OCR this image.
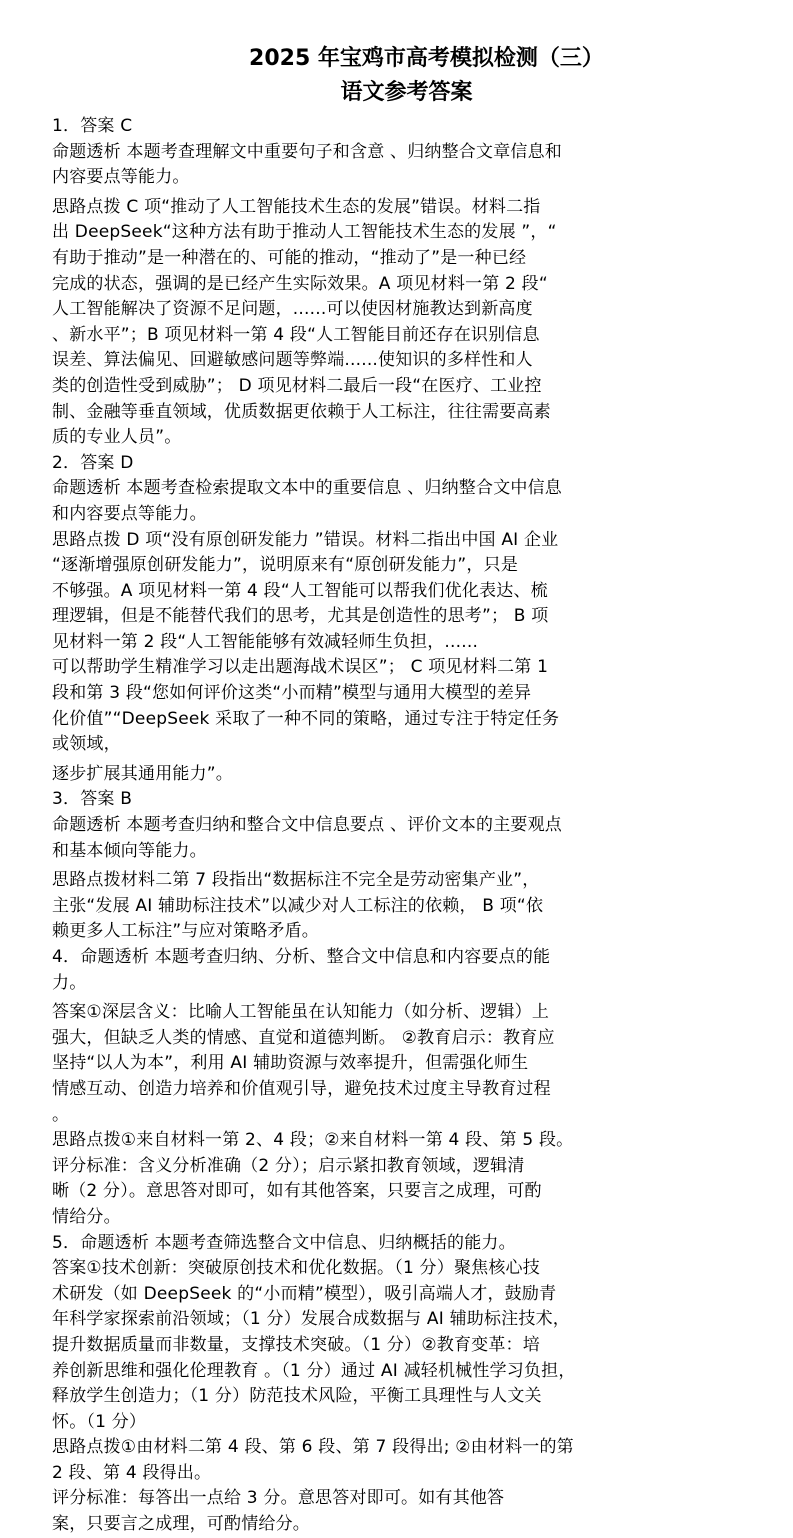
2025 年宝鸡市高考模拟检测（三）
语文参考答案
1．答案 C
命题透析 本题考查理解文中重要句子和含意 、归纳整合文章信息和
内容要点等能力。
思路点拨 C 项“推动了人工智能技术生态的发展”错误。材料二指
出 DeepSeek“这种方法有助于推动人工智能技术生态的发展 ”，“
有助于推动”是一种潜在的、可能的推动，“推动了”是一种已经
完成的状态，强调的是已经产生实际效果。A 项见材料一第 2 段“
人工智能解决了资源不足问题，......可以使因材施教达到新高度
、新水平”；B 项见材料一第 4 段“人工智能目前还存在识别信息
误差、算法偏见、回避敏感问题等弊端......使知识的多样性和人
类的创造性受到威胁”； D 项见材料二最后一段“在医疗、工业控
制、金融等垂直领域，优质数据更依赖于人工标注，往往需要高素
质的专业人员”。
2．答案 D
命题透析 本题考查检索提取文本中的重要信息 、归纳整合文中信息
和内容要点等能力。
思路点拨 D 项“没有原创研发能力 ”错误。材料二指出中国 AI 企业
“逐渐增强原创研发能力”，说明原来有“原创研发能力”，只是
不够强。A 项见材料一第 4 段“人工智能可以帮我们优化表达、梳
理逻辑，但是不能替代我们的思考，尤其是创造性的思考”； B 项
见材料一第 2 段“人工智能能够有效减轻师生负担，......
可以帮助学生精准学习以走出题海战术误区”； C 项见材料二第 1
段和第 3 段“您如何评价这类“小而精”模型与通用大模型的差异
化价值”“DeepSeek 采取了一种不同的策略，通过专注于特定任务
或领域，
逐步扩展其通用能力”。
3．答案 B
命题透析 本题考查归纳和整合文中信息要点 、评价文本的主要观点
和基本倾向等能力。
思路点拨材料二第 7 段指出“数据标注不完全是劳动密集产业”，
主张“发展 AI 辅助标注技术”以减少对人工标注的依赖， B 项“依
赖更多人工标注”与应对策略矛盾。
4．命题透析 本题考查归纳、分析、整合文中信息和内容要点的能
力。
答案①深层含义：比喻人工智能虽在认知能力（如分析、逻辑）上
强大，但缺乏人类的情感、直觉和道德判断。 ②教育启示：教育应
坚持“以人为本”，利用 AI 辅助资源与效率提升，但需强化师生
情感互动、创造力培养和价值观引导，避免技术过度主导教育过程
。
思路点拨①来自材料一第 2、4 段；②来自材料一第 4 段、第 5 段。
评分标准：含义分析准确（2 分）；启示紧扣教育领域，逻辑清
晰（2 分）。意思答对即可，如有其他答案，只要言之成理，可酌
情给分。
5．命题透析 本题考查筛选整合文中信息、归纳概括的能力。
答案①技术创新：突破原创技术和优化数据。（1 分）聚焦核心技
术研发（如 DeepSeek 的“小而精”模型），吸引高端人才，鼓励青
年科学家探索前沿领域；（1 分）发展合成数据与 AI 辅助标注技术，
提升数据质量而非数量，支撑技术突破。（1 分）②教育变革：培
养创新思维和强化伦理教育 。（1 分）通过 AI 减轻机械性学习负担，
释放学生创造力；（1 分）防范技术风险，平衡工具理性与人文关
怀。（1 分）
思路点拨①由材料二第 4 段、第 6 段、第 7 段得出; ②由材料一的第
2 段、第 4 段得出。
评分标准：每答出一点给 3 分。意思答对即可。如有其他答
案，只要言之成理，可酌情给分。
